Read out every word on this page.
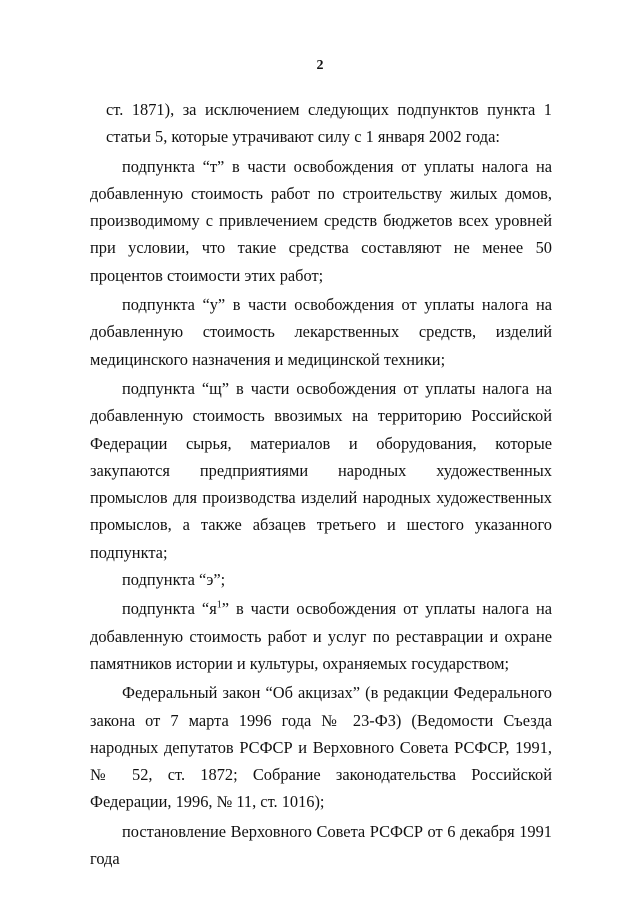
2

ст. 1871), за исключением следующих подпунктов пункта 1 статьи 5, которые утрачивают силу с 1 января 2002 года:

подпункта “т” в части освобождения от уплаты налога на добавленную стоимость работ по строительству жилых домов, производимому с привлечением средств бюджетов всех уровней при условии, что такие средства составляют не менее 50 процентов стоимости этих работ;

подпункта “у” в части освобождения от уплаты налога на добавленную стоимость лекарственных средств, изделий медицинского назначения и медицинской техники;

подпункта “щ” в части освобождения от уплаты налога на добавленную стоимость ввозимых на территорию Российской Федерации сырья, материалов и оборудования, которые закупаются предприятиями народных художественных промыслов для производства изделий народных художественных промыслов, а также абзацев третьего и шестого указанного подпункта;

подпункта “э”;

подпункта “$я^1$” в части освобождения от уплаты налога на добавленную стоимость работ и услуг по реставрации и охране памятников истории и культуры, охраняемых государством;

Федеральный закон “Об акцизах” (в редакции Федерального закона от 7 марта 1996 года № 23-ФЗ) (Ведомости Съезда народных депутатов РСФСР и Верховного Совета РСФСР, 1991, № 52, ст. 1872; Собрание законодательства Российской Федерации, 1996, № 11, ст. 1016);

постановление Верховного Совета РСФСР от 6 декабря 1991 года
